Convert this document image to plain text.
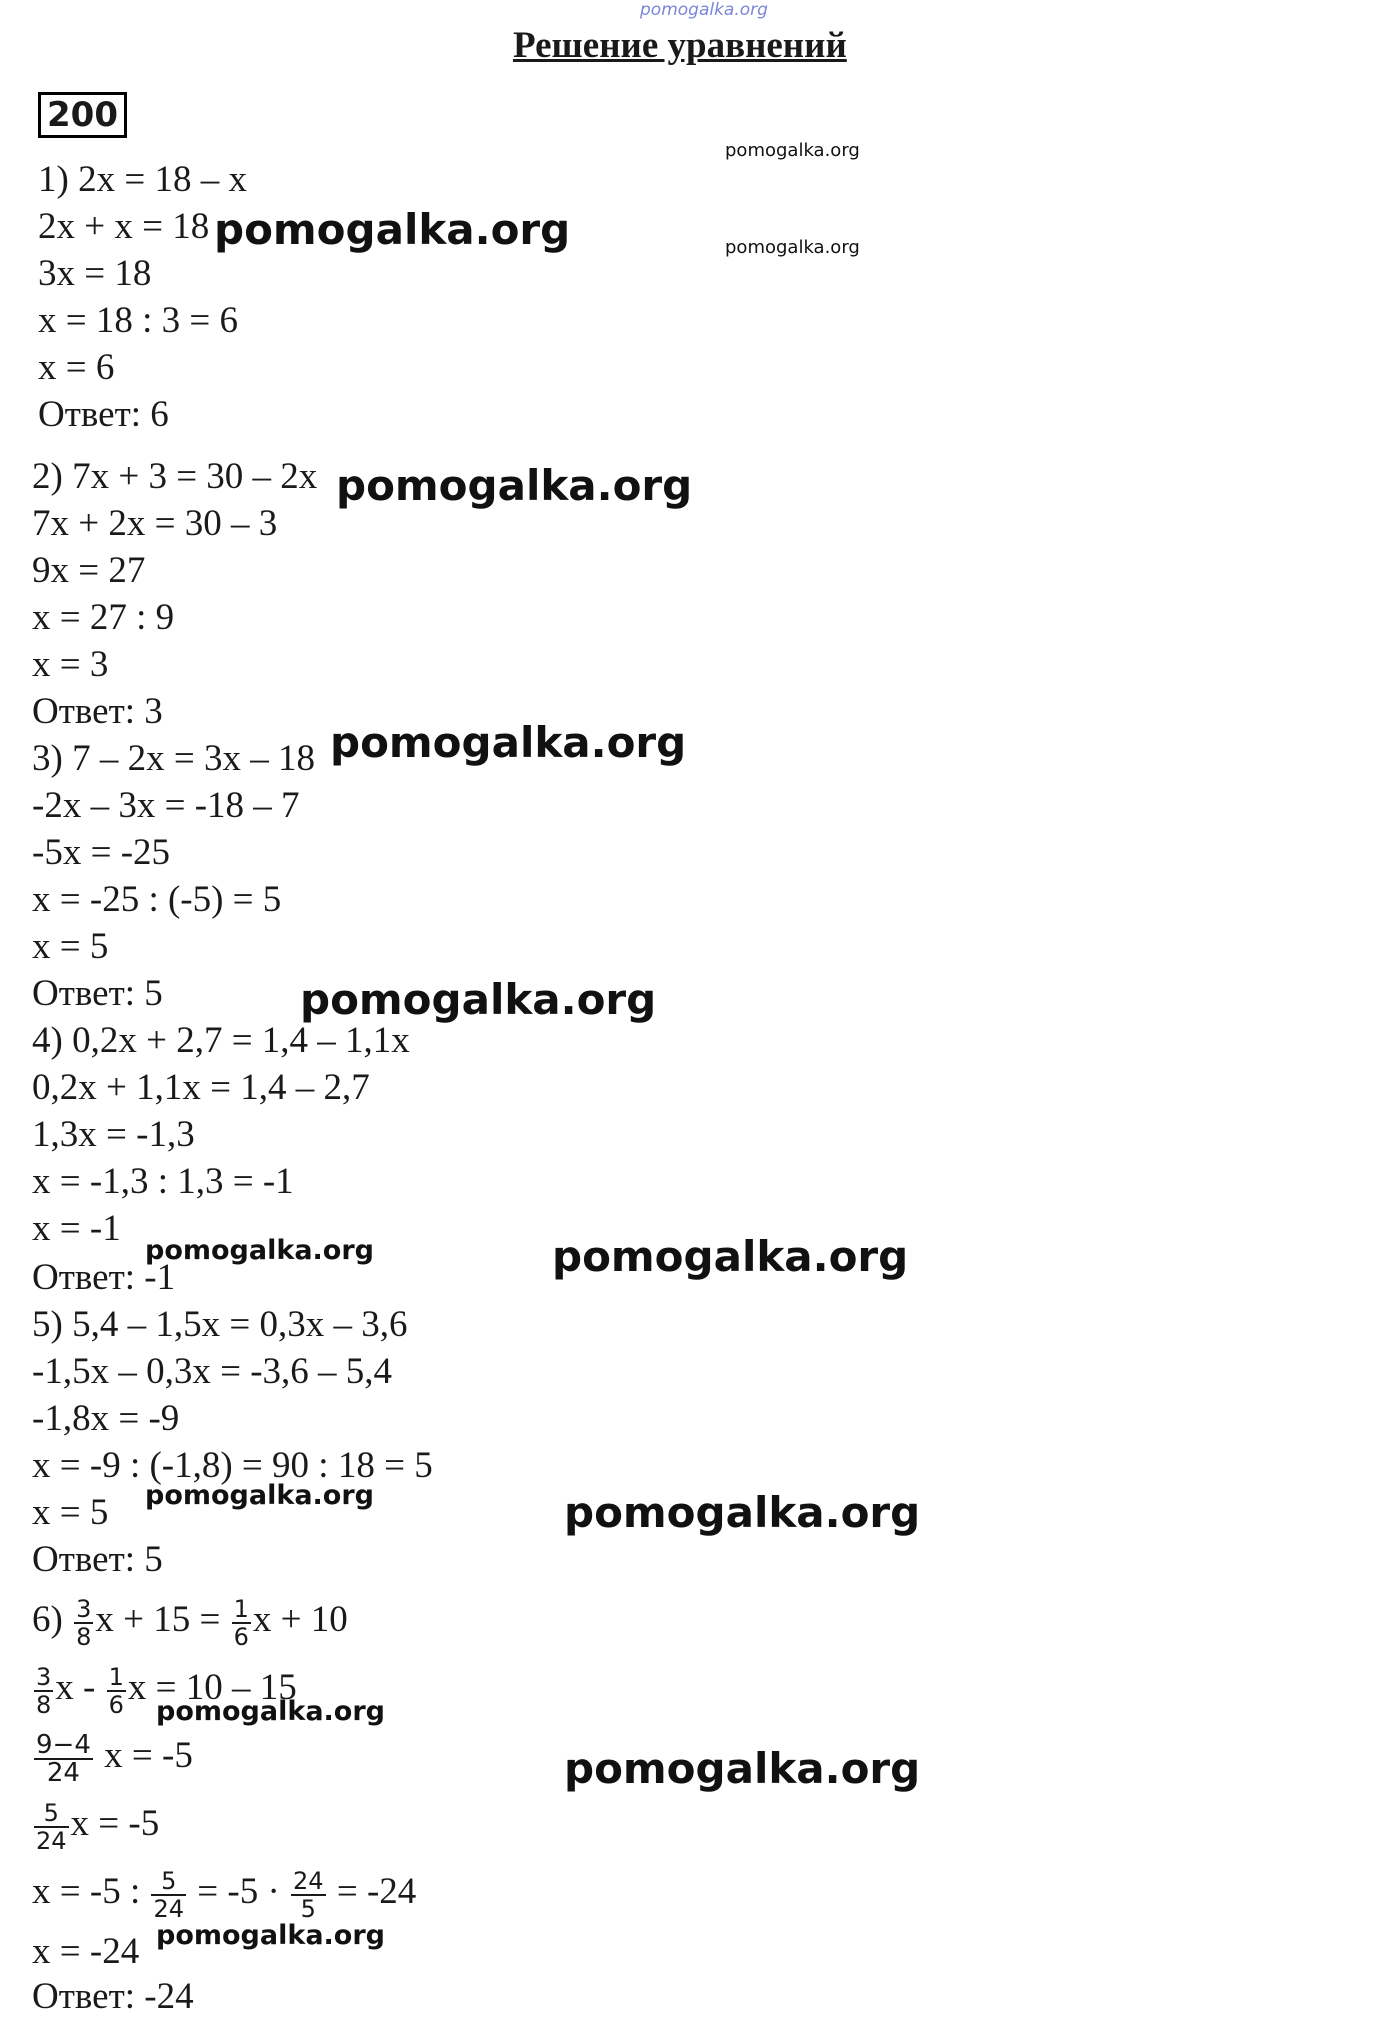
pomogalka.org
Решение уравнений
200
1) 2x = 18 – x
2x + x = 18
3x = 18
x = 18 : 3 = 6
x = 6
Ответ: 6
2) 7x + 3 = 30 – 2x
7x + 2x = 30 – 3
9x = 27
x = 27 : 9
x = 3
Ответ: 3
3) 7 – 2x = 3x – 18
-2x – 3x = -18 – 7
-5x = -25
x = -25 : (-5) = 5
x = 5
Ответ: 5
4) 0,2x + 2,7 = 1,4 – 1,1x
0,2x + 1,1x = 1,4 – 2,7
1,3x = -1,3
x = -1,3 : 1,3 = -1
x = -1
Ответ: -1
5) 5,4 – 1,5x = 0,3x – 3,6
-1,5x – 0,3x = -3,6 – 5,4
-1,8x = -9
x = -9 : (-1,8) = 90 : 18 = 5
x = 5
Ответ: 5
$6) \frac{3}{8}$ $x + 15 = \frac{1}{6}$ x + 10
$\frac{3}{8}$ x - $\frac{1}{6}$ x = 10 – 15
$\frac{9-4}{24}$ x = -5
$\frac{5}{24}$ x = -5
x = -5 : $\frac{5}{24} = -5 \cdot \frac{24}{5} = -24$
x = -24
Ответ: -24
pomogalka.org
pomogalka.org
pomogalka.org
pomogalka.org
pomogalka.org
pomogalka.org
pomogalka.org	pomogalka.org
pomogalka.org	pomogalka.org
pomogalka.org
pomogalka.org
pomogalka.org
